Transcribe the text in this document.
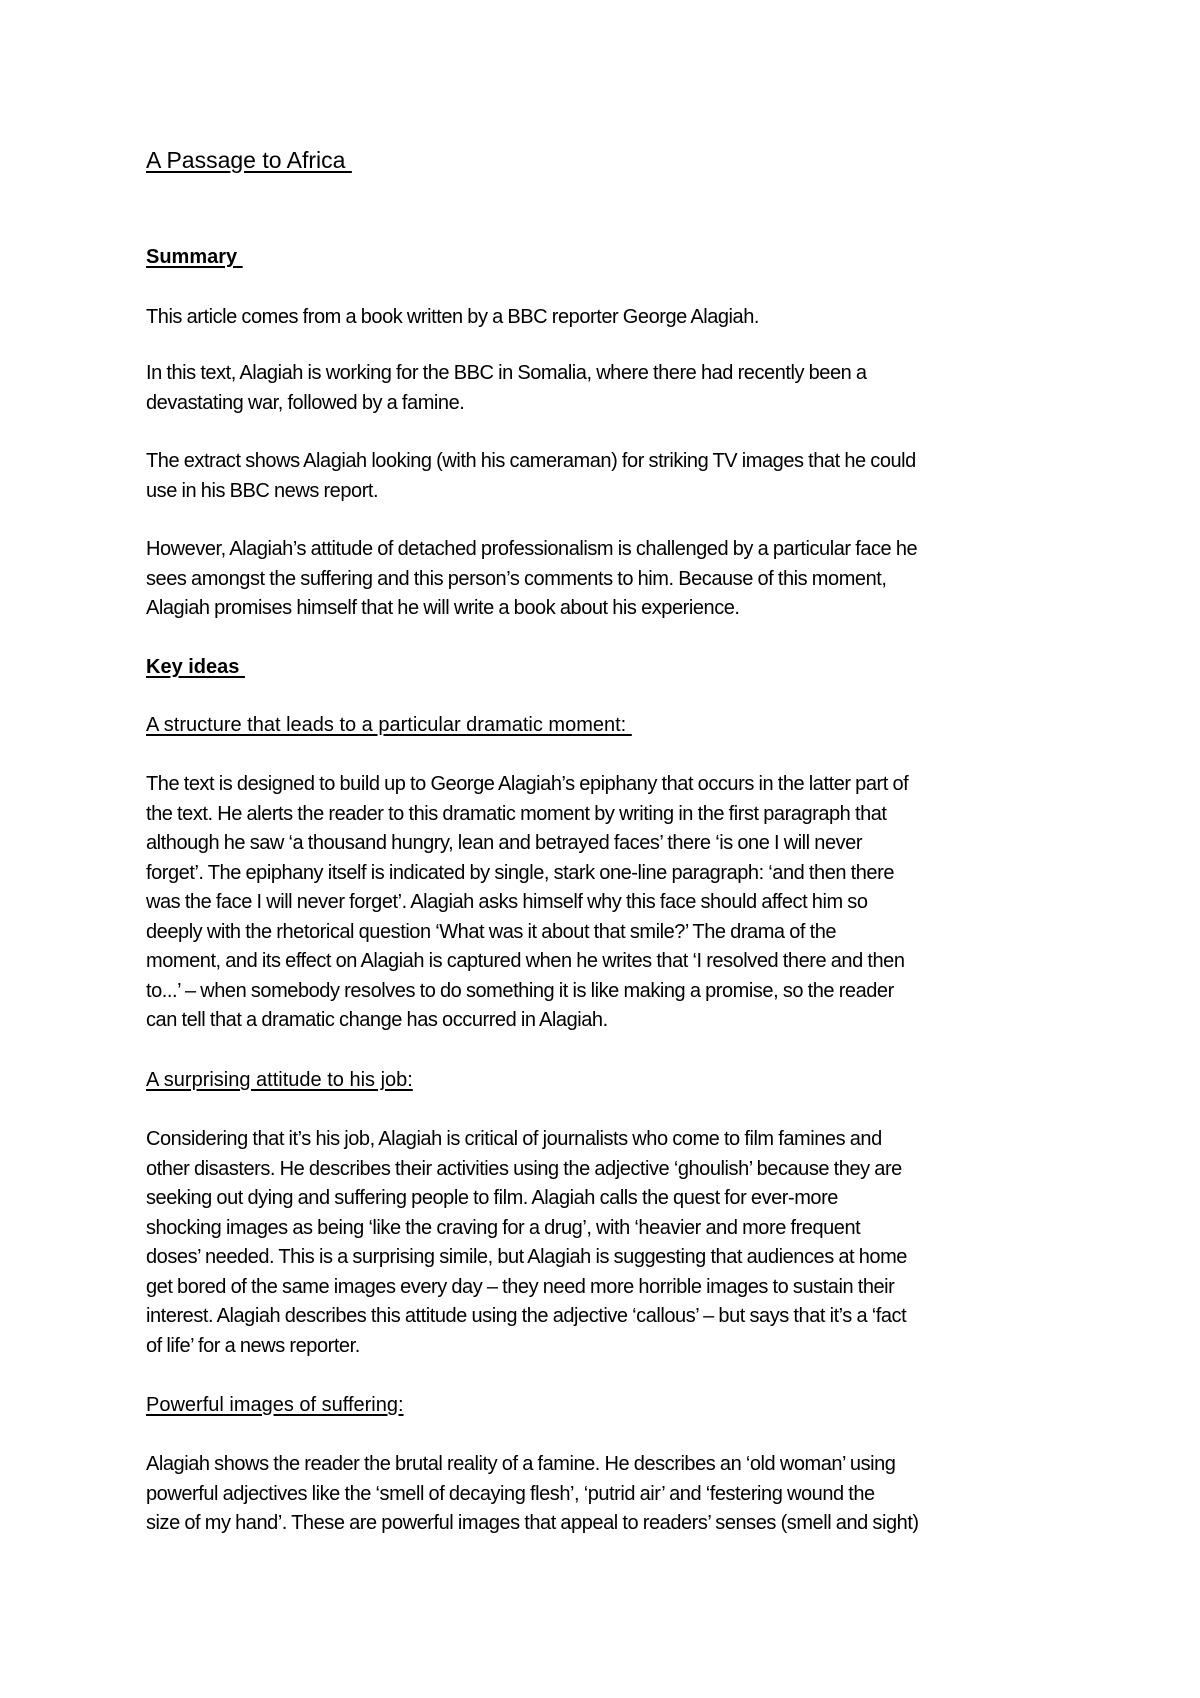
A Passage to Africa
Summary

This article comes from a book written by a BBC reporter George Alagiah.

In this text, Alagiah is working for the BBC in Somalia, where there had recently been a
devastating war, followed by a famine.

The extract shows Alagiah looking (with his cameraman) for striking TV images that he could
use in his BBC news report.

However, Alagiah’s attitude of detached professionalism is challenged by a particular face he
sees amongst the suffering and this person’s comments to him. Because of this moment,
Alagiah promises himself that he will write a book about his experience.

Key ideas
A structure that leads to a particular dramatic moment:

The text is designed to build up to George Alagiah’s epiphany that occurs in the latter part of
the text. He alerts the reader to this dramatic moment by writing in the first paragraph that
although he saw ‘a thousand hungry, lean and betrayed faces’ there ‘is one I will never
forget’. The epiphany itself is indicated by single, stark one-line paragraph: ‘and then there
was the face I will never forget’. Alagiah asks himself why this face should affect him so
deeply with the rhetorical question ‘What was it about that smile?’ The drama of the
moment, and its effect on Alagiah is captured when he writes that ‘I resolved there and then
to...’ – when somebody resolves to do something it is like making a promise, so the reader
can tell that a dramatic change has occurred in Alagiah.

A surprising attitude to his job:

Considering that it’s his job, Alagiah is critical of journalists who come to film famines and
other disasters. He describes their activities using the adjective ‘ghoulish’ because they are
seeking out dying and suffering people to film. Alagiah calls the quest for ever-more
shocking images as being ‘like the craving for a drug’, with ‘heavier and more frequent
doses’ needed. This is a surprising simile, but Alagiah is suggesting that audiences at home
get bored of the same images every day – they need more horrible images to sustain their
interest. Alagiah describes this attitude using the adjective ‘callous’ – but says that it’s a ‘fact
of life’ for a news reporter.

Powerful images of suffering:

Alagiah shows the reader the brutal reality of a famine. He describes an ‘old woman’ using
powerful adjectives like the ‘smell of decaying flesh’, ‘putrid air’ and ‘festering wound the
size of my hand’. These are powerful images that appeal to readers’ senses (smell and sight)
